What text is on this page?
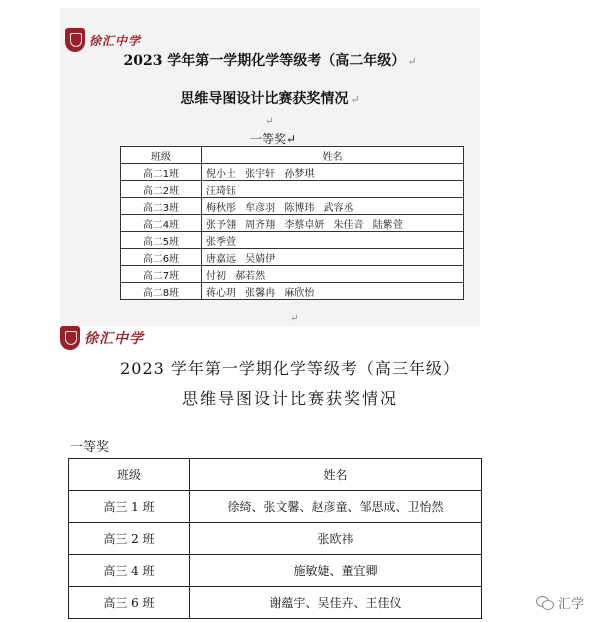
徐汇中学
2023 学年第一学期化学等级考（高二年级） ↵
思维导图设计比赛获奖情况 ↵
↵
一等奖↵
班级	姓名
高二1班	倪小土 张宇轩 孙梦琪
高二2班	汪琦钰
高二3班	梅秋彤 牟彦羽 陈博玮 武容丞
高二4班	张予翎 周齐翔 李蔡卓妍 朱佳音 陆紫萱
高二5班	张季萱
高二6班	唐嘉远 吴婧伊
高二7班	付初 郝若然
高二8班	蒋心玥 张馨冉 麻欣怡
↵
徐汇中学
2023 学年第一学期化学等级考（高三年级）
思维导图设计比赛获奖情况
一等奖
班级	姓名
高三 1 班	徐绮、张文馨、赵彦童、邹思成、卫怡然
高三 2 班	张欧祎
高三 4 班	施敏婕、董宜卿
高三 6 班	谢蕴宇、吴佳卉、王佳仪	汇学
